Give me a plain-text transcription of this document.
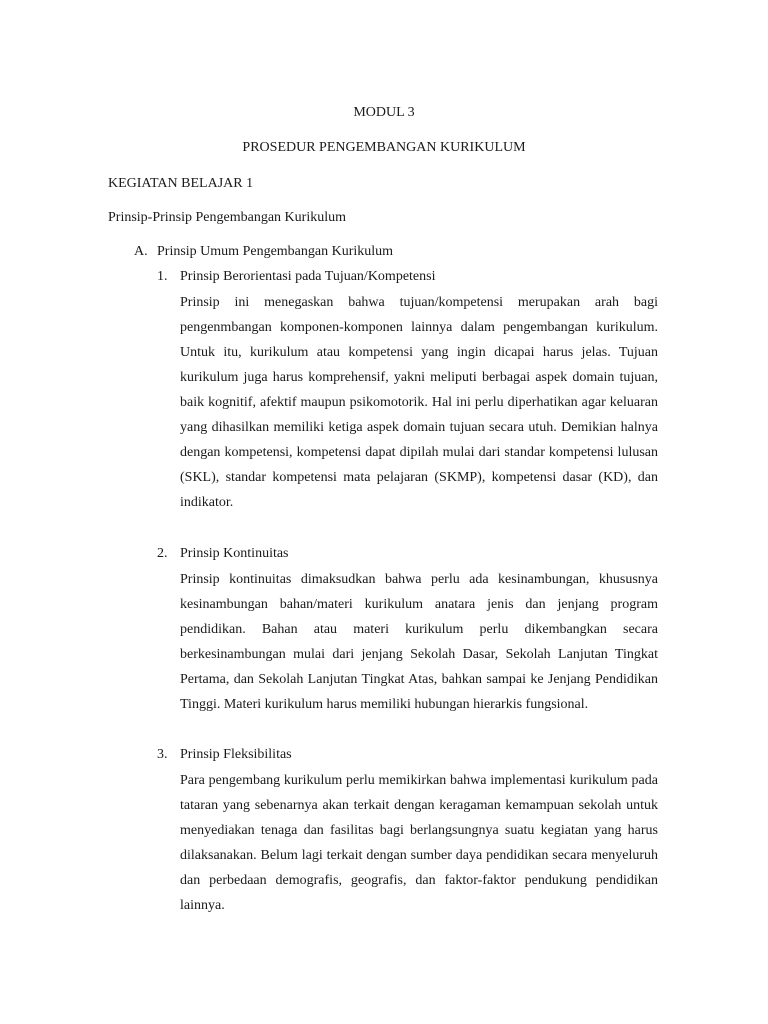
MODUL 3
PROSEDUR PENGEMBANGAN KURIKULUM
KEGIATAN BELAJAR 1
Prinsip-Prinsip Pengembangan Kurikulum
A. Prinsip Umum Pengembangan Kurikulum
1. Prinsip Berorientasi pada Tujuan/Kompetensi

Prinsip ini menegaskan bahwa tujuan/kompetensi merupakan arah bagi pengenmbangan komponen-komponen lainnya dalam pengembangan kurikulum. Untuk itu, kurikulum atau kompetensi yang ingin dicapai harus jelas. Tujuan kurikulum juga harus komprehensif, yakni meliputi berbagai aspek domain tujuan, baik kognitif, afektif maupun psikomotorik. Hal ini perlu diperhatikan agar keluaran yang dihasilkan memiliki ketiga aspek domain tujuan secara utuh. Demikian halnya dengan kompetensi, kompetensi dapat dipilah mulai dari standar kompetensi lulusan (SKL), standar kompetensi mata pelajaran (SKMP), kompetensi dasar (KD), dan indikator.

2. Prinsip Kontinuitas

Prinsip kontinuitas dimaksudkan bahwa perlu ada kesinambungan, khususnya kesinambungan bahan/materi kurikulum anatara jenis dan jenjang program pendidikan. Bahan atau materi kurikulum perlu dikembangkan secara berkesinambungan mulai dari jenjang Sekolah Dasar, Sekolah Lanjutan Tingkat Pertama, dan Sekolah Lanjutan Tingkat Atas, bahkan sampai ke Jenjang Pendidikan Tinggi. Materi kurikulum harus memiliki hubungan hierarkis fungsional.

3. Prinsip Fleksibilitas

Para pengembang kurikulum perlu memikirkan bahwa implementasi kurikulum pada tataran yang sebenarnya akan terkait dengan keragaman kemampuan sekolah untuk menyediakan tenaga dan fasilitas bagi berlangsungnya suatu kegiatan yang harus dilaksanakan. Belum lagi terkait dengan sumber daya pendidikan secara menyeluruh dan perbedaan demografis, geografis, dan faktor-faktor pendukung pendidikan lainnya.
